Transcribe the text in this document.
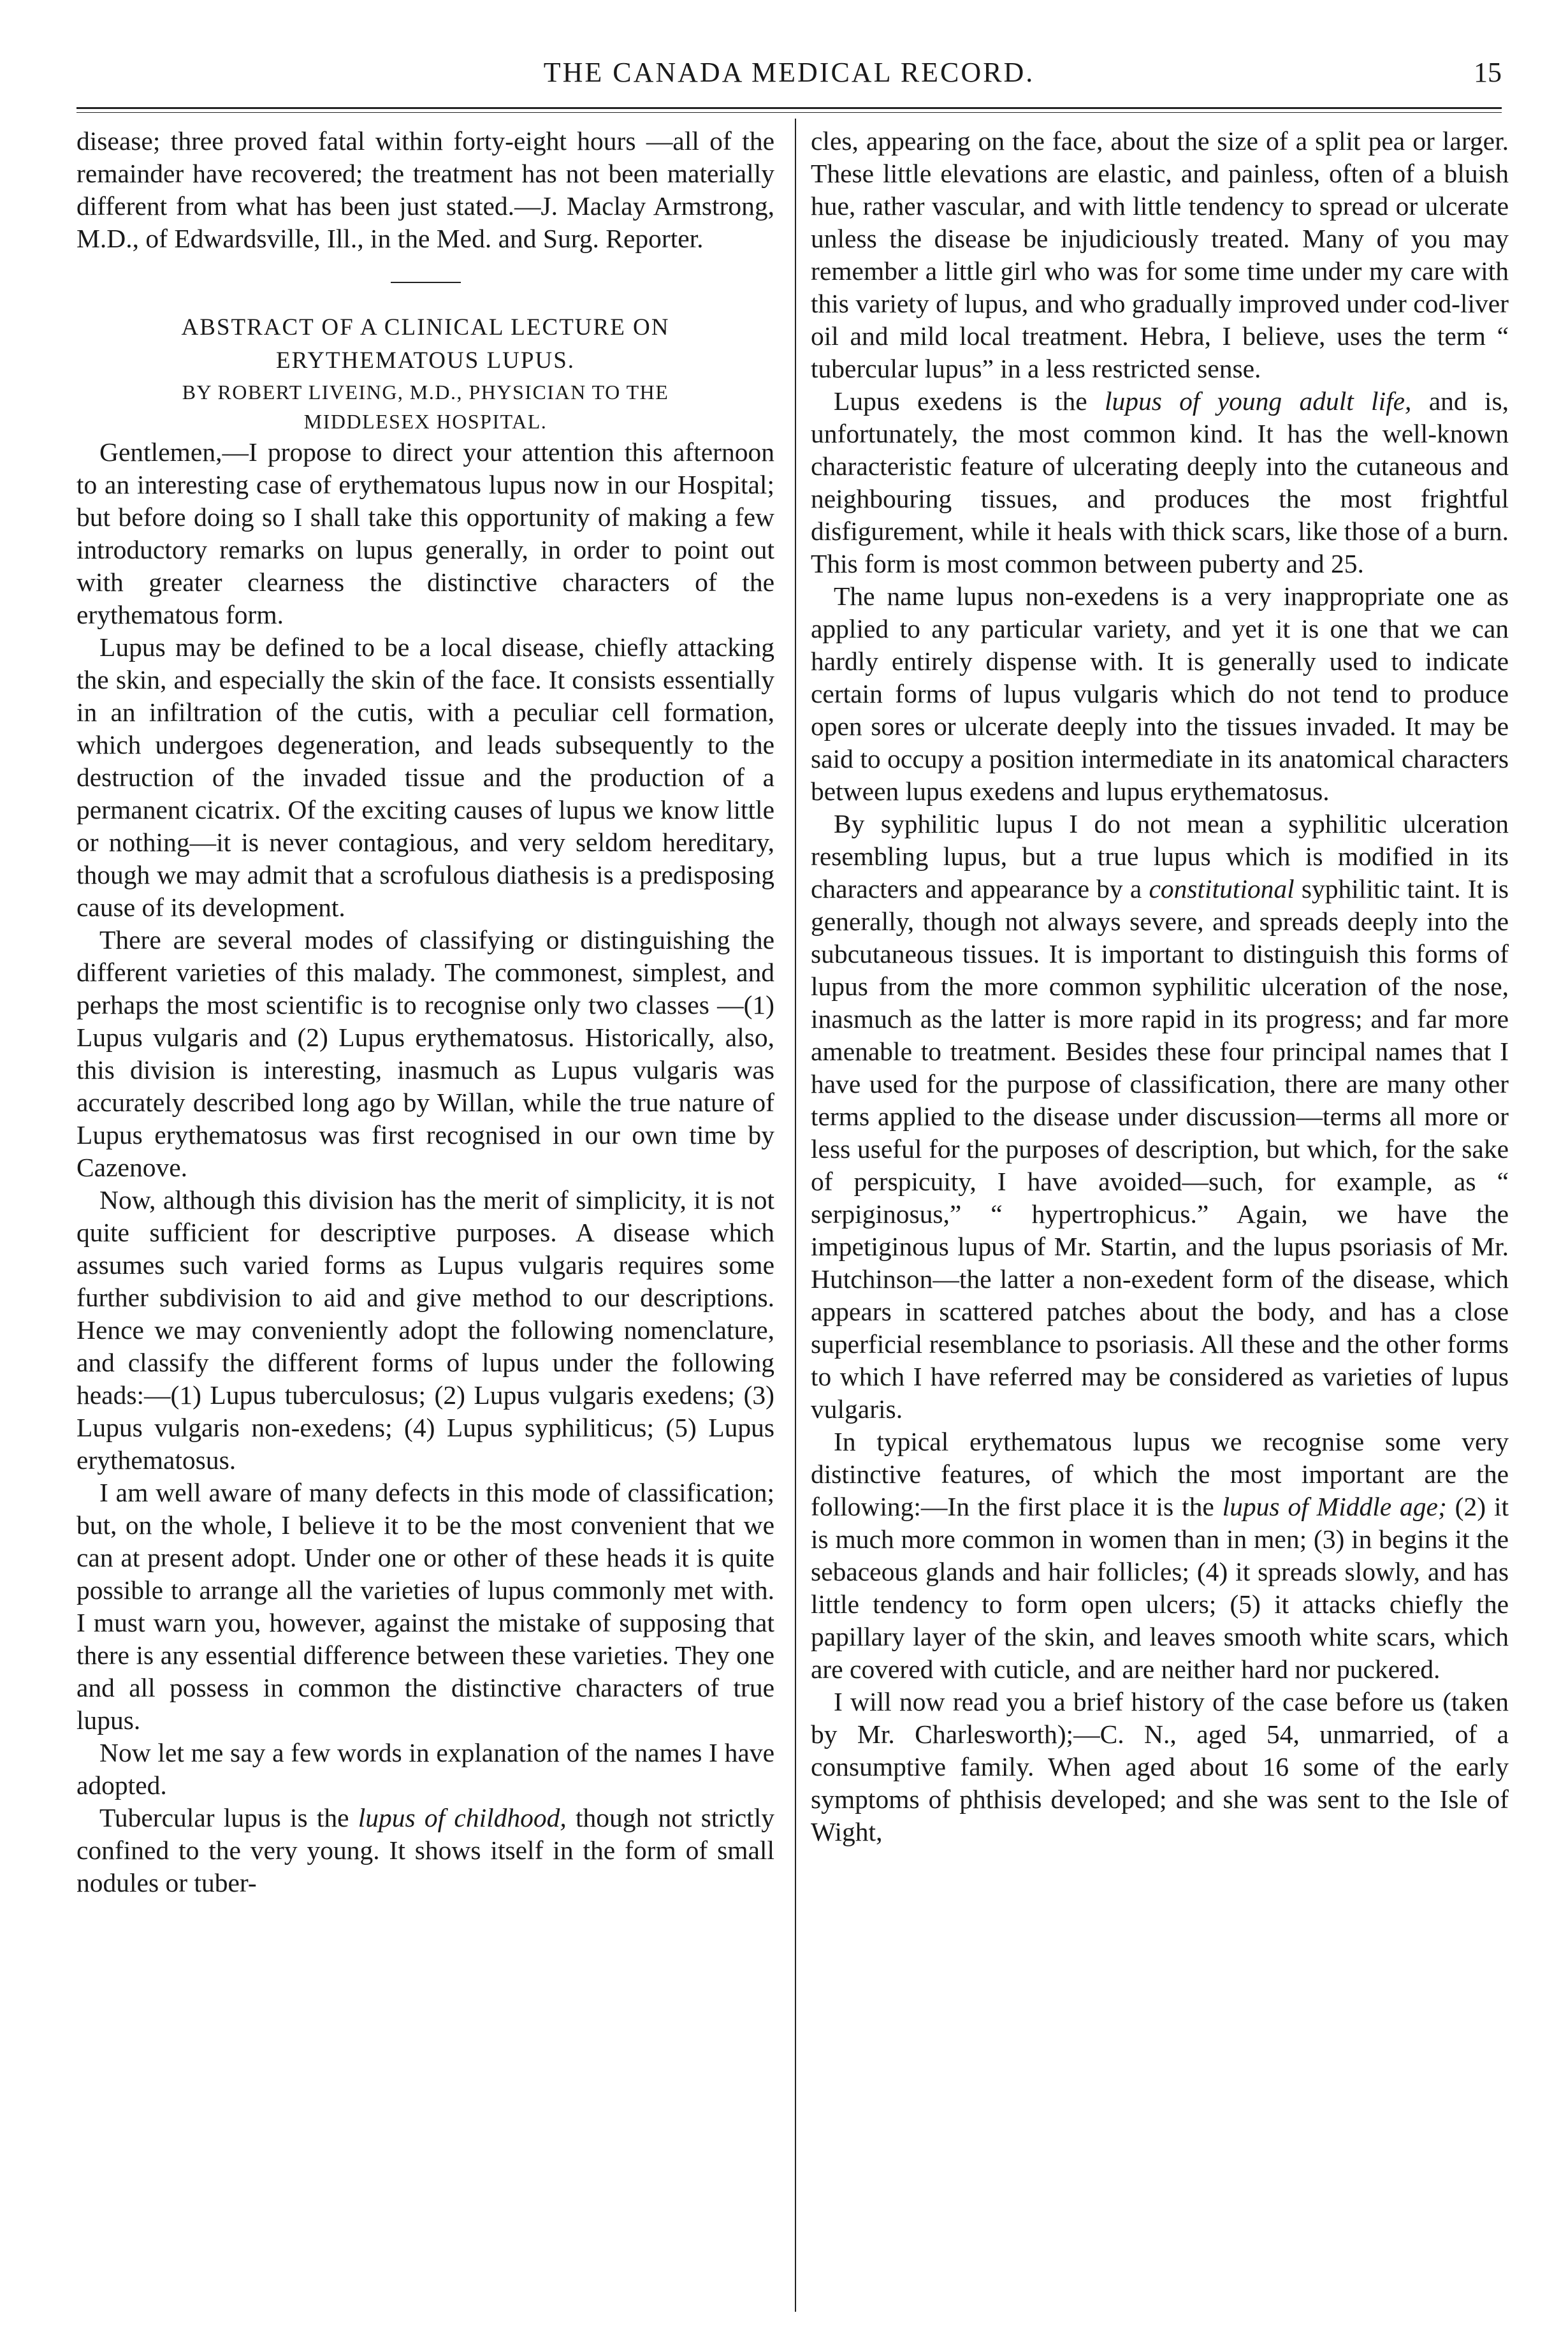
THE CANADA MEDICAL RECORD.	15

disease; three proved fatal within forty-eight hours —all of the remainder have recovered; the treatment has not been materially different from what has been just stated.—J. Maclay Armstrong, M.D., of Edwardsville, Ill., in the Med. and Surg. Reporter.

ABSTRACT OF A CLINICAL LECTURE ON ERYTHEMATOUS LUPUS.

BY ROBERT LIVEING, M.D., PHYSICIAN TO THE

MIDDLESEX HOSPITAL.

Gentlemen,—I propose to direct your attention this afternoon to an interesting case of erythematous lupus now in our Hospital; but before doing so I shall take this opportunity of making a few introductory remarks on lupus generally, in order to point out with greater clearness the distinctive characters of the erythematous form.

Lupus may be defined to be a local disease, chiefly attacking the skin, and especially the skin of the face. It consists essentially in an infiltration of the cutis, with a peculiar cell formation, which undergoes degeneration, and leads subsequently to the destruction of the invaded tissue and the production of a permanent cicatrix. Of the exciting causes of lupus we know little or nothing—it is never contagious, and very seldom hereditary, though we may admit that a scrofulous diathesis is a predisposing cause of its development.

There are several modes of classifying or distinguishing the different varieties of this malady. The commonest, simplest, and perhaps the most scientific is to recognise only two classes —(1) Lupus vulgaris and (2) Lupus erythematosus. Historically, also, this division is interesting, inasmuch as Lupus vulgaris was accurately described long ago by Willan, while the true nature of Lupus erythematosus was first recognised in our own time by Cazenove.

Now, although this division has the merit of simplicity, it is not quite sufficient for descriptive purposes. A disease which assumes such varied forms as Lupus vulgaris requires some further subdivision to aid and give method to our descriptions. Hence we may conveniently adopt the following nomenclature, and classify the different forms of lupus under the following heads:—(1) Lupus tuberculosus; (2) Lupus vulgaris exedens; (3) Lupus vulgaris non-exedens; (4) Lupus syphiliticus; (5) Lupus erythematosus.

I am well aware of many defects in this mode of classification; but, on the whole, I believe it to be the most convenient that we can at present adopt. Under one or other of these heads it is quite possible to arrange all the varieties of lupus commonly met with. I must warn you, however, against the mistake of supposing that there is any essential difference between these varieties. They one and all possess in common the distinctive characters of true lupus.

Now let me say a few words in explanation of the names I have adopted.

Tubercular lupus is the lupus of childhood, though not strictly confined to the very young. It shows itself in the form of small nodules or tuber-

cles, appearing on the face, about the size of a split pea or larger. These little elevations are elastic, and painless, often of a bluish hue, rather vascular, and with little tendency to spread or ulcerate unless the disease be injudiciously treated. Many of you may remember a little girl who was for some time under my care with this variety of lupus, and who gradually improved under cod-liver oil and mild local treatment. Hebra, I believe, uses the term “ tubercular lupus” in a less restricted sense.

Lupus exedens is the lupus of young adult life, and is, unfortunately, the most common kind. It has the well-known characteristic feature of ulcerating deeply into the cutaneous and neighbouring tissues, and produces the most frightful disfigurement, while it heals with thick scars, like those of a burn. This form is most common between puberty and 25.

The name lupus non-exedens is a very inappropriate one as applied to any particular variety, and yet it is one that we can hardly entirely dispense with. It is generally used to indicate certain forms of lupus vulgaris which do not tend to produce open sores or ulcerate deeply into the tissues invaded. It may be said to occupy a position intermediate in its anatomical characters between lupus exedens and lupus erythematosus.

By syphilitic lupus I do not mean a syphilitic ulceration resembling lupus, but a true lupus which is modified in its characters and appearance by a constitutional syphilitic taint. It is generally, though not always severe, and spreads deeply into the subcutaneous tissues. It is important to distinguish this forms of lupus from the more common syphilitic ulceration of the nose, inasmuch as the latter is more rapid in its progress; and far more amenable to treatment. Besides these four principal names that I have used for the purpose of classification, there are many other terms applied to the disease under discussion—terms all more or less useful for the purposes of description, but which, for the sake of perspicuity, I have avoided—such, for example, as “ serpiginosus,” “ hypertrophicus.” Again, we have the impetiginous lupus of Mr. Startin, and the lupus psoriasis of Mr. Hutchinson—the latter a non-exedent form of the disease, which appears in scattered patches about the body, and has a close superficial resemblance to psoriasis. All these and the other forms to which I have referred may be considered as varieties of lupus vulgaris.

In typical erythematous lupus we recognise some very distinctive features, of which the most important are the following:—In the first place it is the lupus of Middle age; (2) it is much more common in women than in men; (3) in begins it the sebaceous glands and hair follicles; (4) it spreads slowly, and has little tendency to form open ulcers; (5) it attacks chiefly the papillary layer of the skin, and leaves smooth white scars, which are covered with cuticle, and are neither hard nor puckered.

I will now read you a brief history of the case before us (taken by Mr. Charlesworth);—C. N., aged 54, unmarried, of a consumptive family. When aged about 16 some of the early symptoms of phthisis developed; and she was sent to the Isle of Wight,
